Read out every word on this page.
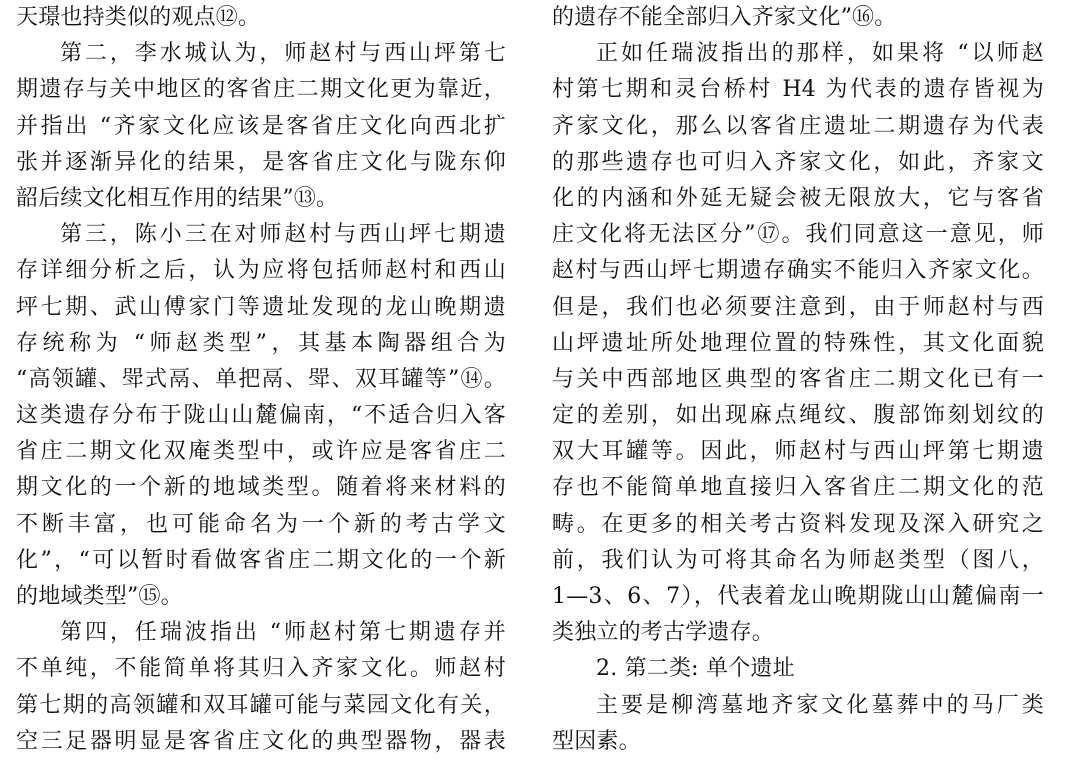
天璟也持类似的观点⑫。
第二，李水城认为，师赵村与西山坪第七
期遗存与关中地区的客省庄二期文化更为靠近，
并指出 “齐家文化应该是客省庄文化向西北扩
张并逐渐异化的结果，是客省庄文化与陇东仰
韶后续文化相互作用的结果”⑬。
第三，陈小三在对师赵村与西山坪七期遗
存详细分析之后，认为应将包括师赵村和西山
坪七期、武山傅家门等遗址发现的龙山晚期遗
存统称为 “师赵类型”，其基本陶器组合为
“高领罐、斝式鬲、单把鬲、斝、双耳罐等”⑭。
这类遗存分布于陇山山麓偏南，“不适合归入客
省庄二期文化双庵类型中，或许应是客省庄二
期文化的一个新的地域类型。随着将来材料的
不断丰富，也可能命名为一个新的考古学文
化”，“可以暂时看做客省庄二期文化的一个新
的地域类型”⑮。
第四，任瑞波指出 “师赵村第七期遗存并
不单纯，不能简单将其归入齐家文化。师赵村
第七期的高领罐和双耳罐可能与菜园文化有关，
空三足器明显是客省庄文化的典型器物，器表
的遗存不能全部归入齐家文化”⑯。
正如任瑞波指出的那样，如果将 “以师赵
村第七期和灵台桥村 H4 为代表的遗存皆视为
齐家文化，那么以客省庄遗址二期遗存为代表
的那些遗存也可归入齐家文化，如此，齐家文
化的内涵和外延无疑会被无限放大，它与客省
庄文化将无法区分”⑰。我们同意这一意见，师
赵村与西山坪七期遗存确实不能归入齐家文化。
但是，我们也必须要注意到，由于师赵村与西
山坪遗址所处地理位置的特殊性，其文化面貌
与关中西部地区典型的客省庄二期文化已有一
定的差别，如出现麻点绳纹、腹部饰刻划纹的
双大耳罐等。因此，师赵村与西山坪第七期遗
存也不能简单地直接归入客省庄二期文化的范
畴。在更多的相关考古资料发现及深入研究之
前，我们认为可将其命名为师赵类型（图八，
1—3、6、7），代表着龙山晚期陇山山麓偏南一
类独立的考古学遗存。
2. 第二类: 单个遗址
主要是柳湾墓地齐家文化墓葬中的马厂类
型因素。
